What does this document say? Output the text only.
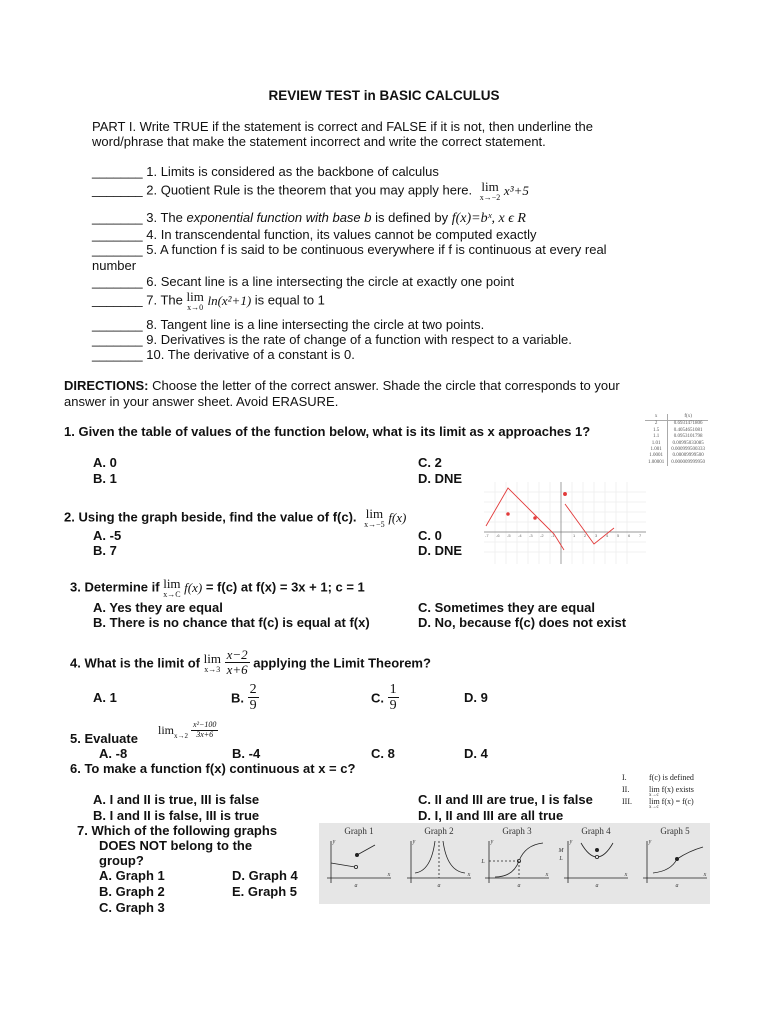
REVIEW TEST in BASIC CALCULUS
PART I. Write TRUE if the statement is correct and FALSE if it is not, then underline the
word/phrase that make the statement incorrect and write the correct statement.
_______ 1. Limits is considered as the backbone of calculus
_______ 2. Quotient Rule is the theorem that you may apply here. lim
x→−2 x³+5
_______ 3. The exponential function with base b is defined by f(x)=bˣ, x ϵ R
_______ 4. In transcendental function, its values cannot be computed exactly
_______ 5. A function f is said to be continuous everywhere if f is continuous at every real
number
_______ 6. Secant line is a line intersecting the circle at exactly one point
_______ 7. The lim
x→0 ln(x²+1) is equal to 1
_______ 8. Tangent line is a line intersecting the circle at two points.
_______ 9. Derivatives is the rate of change of a function with respect to a variable.
_______ 10. The derivative of a constant is 0.
DIRECTIONS: Choose the letter of the correct answer. Shade the circle that corresponds to your
answer in your answer sheet. Avoid ERASURE.
1. Given the table of values of the function below, what is its limit as x approaches 1?
x	f(x)
2	0.6931471806
1.5	0.4054651081
1.1	0.0953101798
1.01	0.00995033085
1.001	0.000999500333
1.0001	0.00009999500
1.00001	0.000009999950
A. 0
B. 1
C. 2
D. DNE
2. Using the graph beside, find the value of f(c). lim
x→−5 f(x)
-7 -6 -5 -4 -3 -2 -1	1 2 3 4 5 6 7
A. -5
B. 7
C. 0
D. DNE
3. Determine if lim
x→C f(x) = f(c) at f(x) = 3x + 1; c = 1
A. Yes they are equal
B. There is no chance that f(c) is equal at f(x)
C. Sometimes they are equal
D. No, because f(c) does not exist
4. What is the limit of lim
x→3
$\frac{x-2}{x+6}$ applying the Limit Theorem?
A. 1	B. $\frac{2}{9}$	C. $\frac{1}{9}$	D. 9
5. Evaluate
$\lim_{x\to 2} \frac{\text{x²−100}}{3x+6}$
A. -8	B. -4	C. 8	D. 4
6. To make a function f(x) continuous at x = c?
I.	f(c) is defined
II. lim f(x) exists
x→c
III. lim f(x) = f(c)
x→c
A. I and II is true, III is false
B. I and II is false, III is true
C. II and III are true, I is false
D. I, II and III are all true
7. Which of the following graphs
DOES NOT belong to the
group?
A. Graph 1
B. Graph 2
C. Graph 3
D. Graph 4
E. Graph 5
Graph 1	Graph 2	Graph 3	Graph 4	Graph 5
y
x
a
y
x
a
y
x
a
L
y
x
a
M
L
y
x
a
